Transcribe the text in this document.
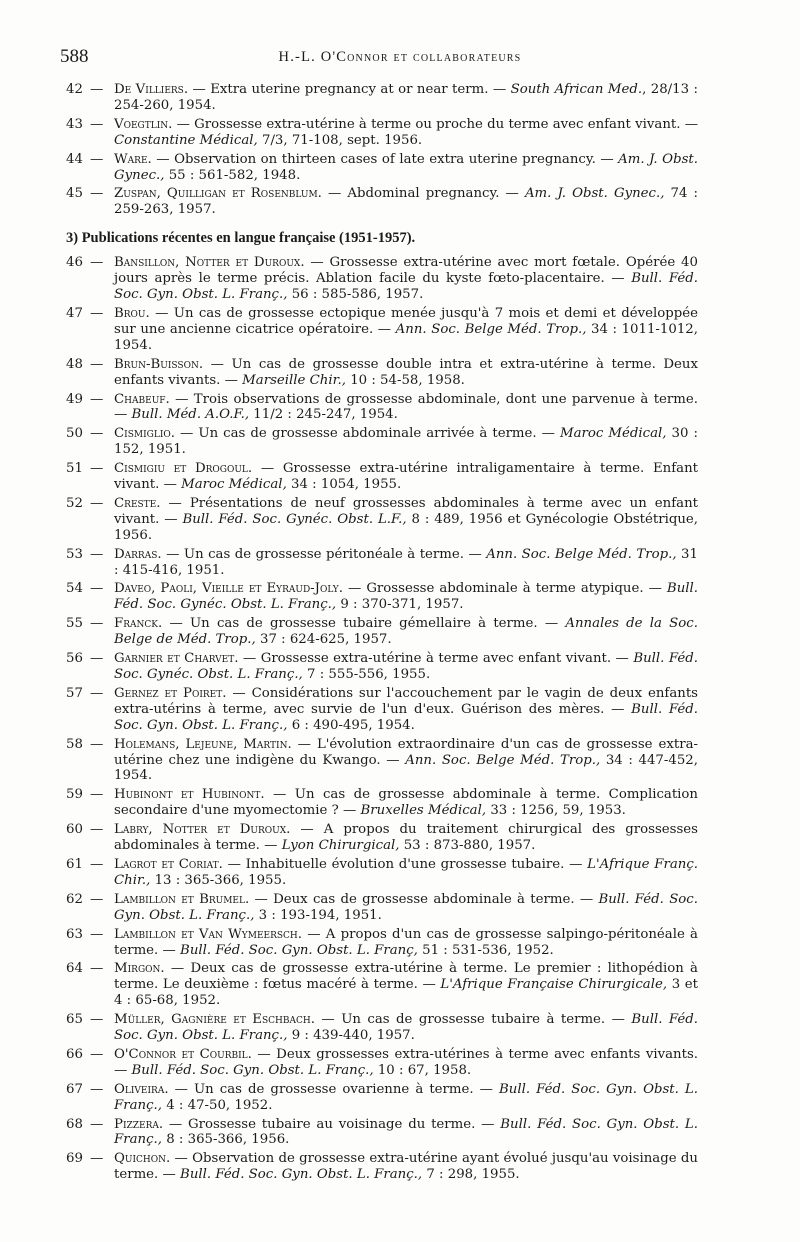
588	H.-L. O'Connor et collaborateurs
42 — De Villiers. — Extra uterine pregnancy at or near term. — South African Med., 28/13 : 254-260, 1954.
43 — Voegtlin. — Grossesse extra-utérine à terme ou proche du terme avec enfant vivant. — Constantine Médical, 7/3, 71-108, sept. 1956.
44 — Ware. — Observation on thirteen cases of late extra uterine pregnancy. — Am. J. Obst. Gynec., 55 : 561-582, 1948.
45 — Zuspan, Quilligan et Rosenblum. — Abdominal pregnancy. — Am. J. Obst. Gynec., 74 : 259-263, 1957.
3) Publications récentes en langue française (1951-1957).
46 — Bansillon, Notter et Duroux. — Grossesse extra-utérine avec mort fœtale. Opérée 40 jours après le terme précis. Ablation facile du kyste fœto-placentaire. — Bull. Féd. Soc. Gyn. Obst. L. Franç., 56 : 585-586, 1957.
47 — Brou. — Un cas de grossesse ectopique menée jusqu'à 7 mois et demi et développée sur une ancienne cicatrice opératoire. — Ann. Soc. Belge Méd. Trop., 34 : 1011-1012, 1954.
48 — Brun-Buisson. — Un cas de grossesse double intra et extra-utérine à terme. Deux enfants vivants. — Marseille Chir., 10 : 54-58, 1958.
49 — Chabeuf. — Trois observations de grossesse abdominale, dont une parvenue à terme. — Bull. Méd. A.O.F., 11/2 : 245-247, 1954.
50 — Cismiglio. — Un cas de grossesse abdominale arrivée à terme. — Maroc Médical, 30 : 152, 1951.
51 — Cismigiu et Drogoul. — Grossesse extra-utérine intraligamentaire à terme. Enfant vivant. — Maroc Médical, 34 : 1054, 1955.
52 — Creste. — Présentations de neuf grossesses abdominales à terme avec un enfant vivant. — Bull. Féd. Soc. Gynéc. Obst. L.F., 8 : 489, 1956 et Gynécologie Obstétrique, 1956.
53 — Darras. — Un cas de grossesse péritonéale à terme. — Ann. Soc. Belge Méd. Trop., 31 : 415-416, 1951.
54 — Daveo, Paoli, Vieille et Eyraud-Joly. — Grossesse abdominale à terme atypique. — Bull. Féd. Soc. Gynéc. Obst. L. Franç., 9 : 370-371, 1957.
55 — Franck. — Un cas de grossesse tubaire gémellaire à terme. — Annales de la Soc. Belge de Méd. Trop., 37 : 624-625, 1957.
56 — Garnier et Charvet. — Grossesse extra-utérine à terme avec enfant vivant. — Bull. Féd. Soc. Gynéc. Obst. L. Franç., 7 : 555-556, 1955.
57 — Gernez et Poiret. — Considérations sur l'accouchement par le vagin de deux enfants extra-utérins à terme, avec survie de l'un d'eux. Guérison des mères. — Bull. Féd. Soc. Gyn. Obst. L. Franç., 6 : 490-495, 1954.
58 — Holemans, Lejeune, Martin. — L'évolution extraordinaire d'un cas de grossesse extra-utérine chez une indigène du Kwango. — Ann. Soc. Belge Méd. Trop., 34 : 447-452, 1954.
59 — Hubinont et Hubinont. — Un cas de grossesse abdominale à terme. Complication secondaire d'une myomectomie ? — Bruxelles Médical, 33 : 1256, 59, 1953.
60 — Labry, Notter et Duroux. — A propos du traitement chirurgical des grossesses abdominales à terme. — Lyon Chirurgical, 53 : 873-880, 1957.
61 — Lagrot et Coriat. — Inhabituelle évolution d'une grossesse tubaire. — L'Afrique Franç. Chir., 13 : 365-366, 1955.
62 — Lambillon et Brumel. — Deux cas de grossesse abdominale à terme. — Bull. Féd. Soc. Gyn. Obst. L. Franç., 3 : 193-194, 1951.
63 — Lambillon et Van Wymeersch. — A propos d'un cas de grossesse salpingo-péritonéale à terme. — Bull. Féd. Soc. Gyn. Obst. L. Franç, 51 : 531-536, 1952.
64 — Mirgon. — Deux cas de grossesse extra-utérine à terme. Le premier : lithopédion à terme. Le deuxième : fœtus macéré à terme. — L'Afrique Française Chirurgicale, 3 et 4 : 65-68, 1952.
65 — Müller, Gagnière et Eschbach. — Un cas de grossesse tubaire à terme. — Bull. Féd. Soc. Gyn. Obst. L. Franç., 9 : 439-440, 1957.
66 — O'Connor et Courbil. — Deux grossesses extra-utérines à terme avec enfants vivants. — Bull. Féd. Soc. Gyn. Obst. L. Franç., 10 : 67, 1958.
67 — Oliveira. — Un cas de grossesse ovarienne à terme. — Bull. Féd. Soc. Gyn. Obst. L. Franç., 4 : 47-50, 1952.
68 — Pizzera. — Grossesse tubaire au voisinage du terme. — Bull. Féd. Soc. Gyn. Obst. L. Franç., 8 : 365-366, 1956.
69 — Quichon. — Observation de grossesse extra-utérine ayant évolué jusqu'au voisinage du terme. — Bull. Féd. Soc. Gyn. Obst. L. Franç., 7 : 298, 1955.
